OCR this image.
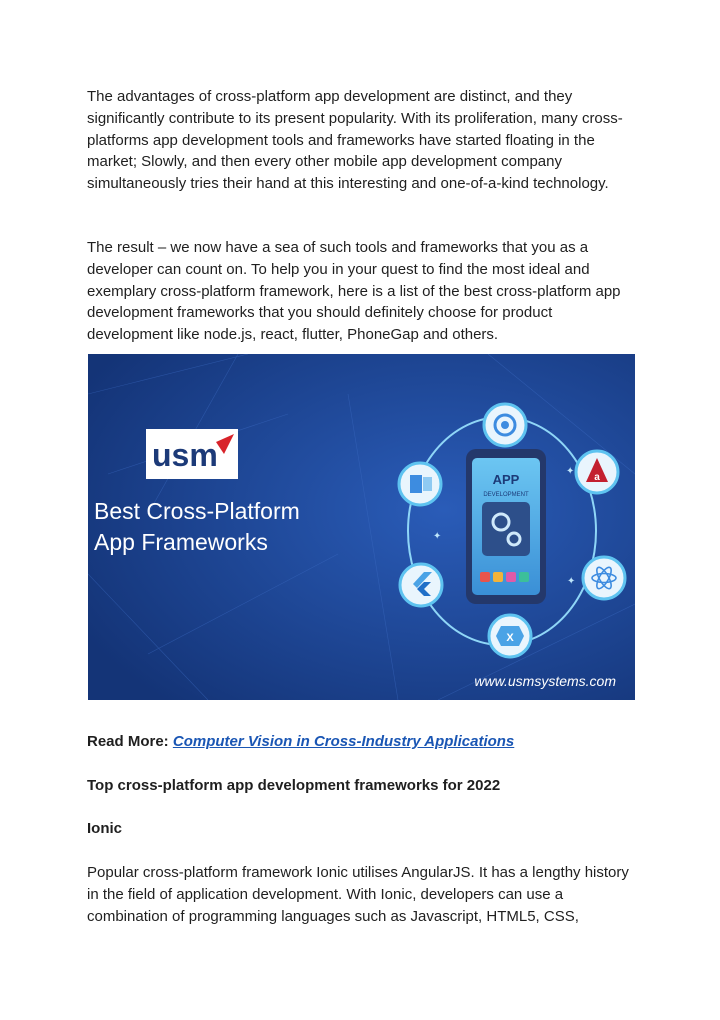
The advantages of cross-platform app development are distinct, and they significantly contribute to its present popularity. With its proliferation, many cross-platforms app development tools and frameworks have started floating in the market; Slowly, and then every other mobile app development company simultaneously tries their hand at this interesting and one-of-a-kind technology.

The result – we now have a sea of such tools and frameworks that you as a developer can count on. To help you in your quest to find the most ideal and exemplary cross-platform framework, here is a list of the best cross-platform app development frameworks that you should definitely choose for product development like node.js, react, flutter, PhoneGap and others.

APP
DEVELOPMENT
a
X
✦
✦
✦
usm
Best Cross-Platform
App Frameworks
www.usmsystems.com

Read More: Computer Vision in Cross-Industry Applications

Top cross-platform app development frameworks for 2022

Ionic

Popular cross-platform framework Ionic utilises AngularJS. It has a lengthy history in the field of application development. With Ionic, developers can use a combination of programming languages such as Javascript, HTML5, CSS,
